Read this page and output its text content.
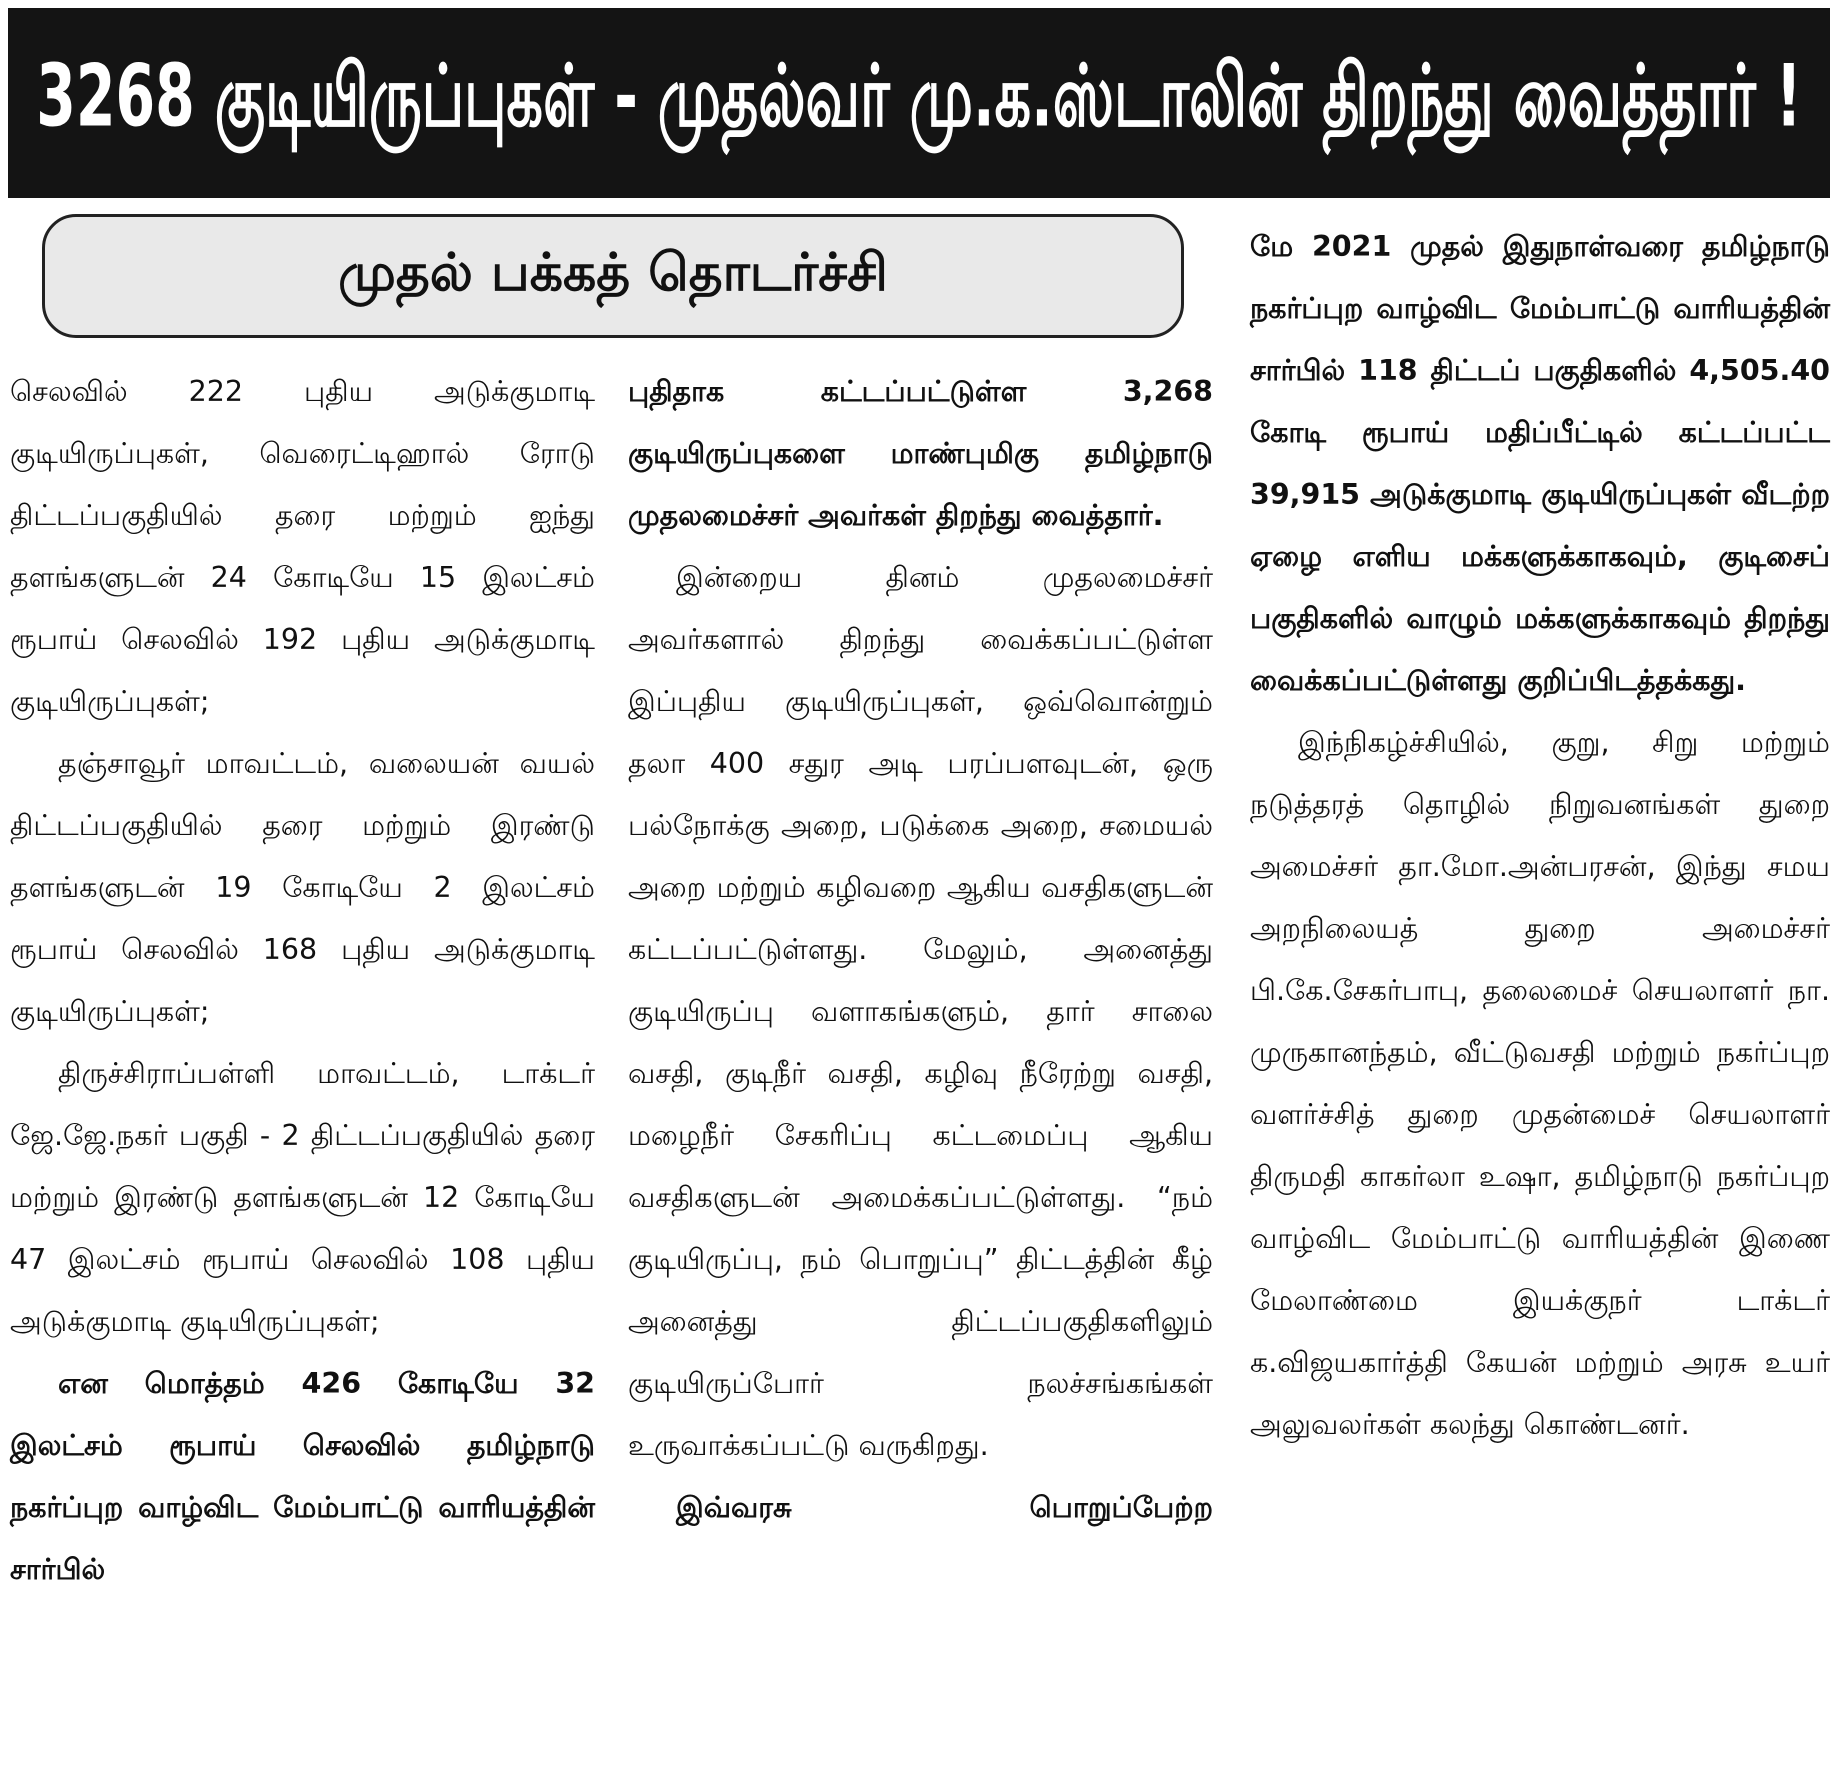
3268 குடியிருப்புகள் - முதல்வர் மு.க.ஸ்டாலின் திறந்து வைத்தார் !
முதல் பக்கத் தொடர்ச்சி

செலவில் 222 புதிய அடுக்குமாடி குடியிருப்புகள், வெரைட்டிஹால் ரோடு திட்டப்பகுதியில் தரை மற்றும் ஐந்து தளங்களுடன் 24 கோடியே 15 இலட்சம் ரூபாய் செலவில் 192 புதிய அடுக்குமாடி குடியிருப்புகள்;

தஞ்சாவூர் மாவட்டம், வலையன் வயல் திட்டப்பகுதியில் தரை மற்றும் இரண்டு தளங்களுடன் 19 கோடியே 2 இலட்சம் ரூபாய் செலவில் 168 புதிய அடுக்குமாடி குடியிருப்புகள்;

திருச்சிராப்பள்ளி மாவட்டம், டாக்டர் ஜே.ஜே.நகர் பகுதி - 2 திட்டப்பகுதியில் தரை மற்றும் இரண்டு தளங்களுடன் 12 கோடியே 47 இலட்சம் ரூபாய் செலவில் 108 புதிய அடுக்குமாடி குடியிருப்புகள்;

என மொத்தம் 426 கோடியே 32 இலட்சம் ரூபாய் செலவில் தமிழ்நாடு நகர்ப்புற வாழ்விட மேம்பாட்டு வாரியத்தின் சார்பில்

புதிதாக கட்டப்பட்டுள்ள 3,268 குடியிருப்புகளை மாண்புமிகு தமிழ்நாடு முதலமைச்சர் அவர்கள் திறந்து வைத்தார்.

இன்றைய தினம் முதலமைச்சர் அவர்களால் திறந்து வைக்கப்பட்டுள்ள இப்புதிய குடியிருப்புகள், ஒவ்வொன்றும் தலா 400 சதுர அடி பரப்பளவுடன், ஒரு பல்நோக்கு அறை, படுக்கை அறை, சமையல் அறை மற்றும் கழிவறை ஆகிய வசதிகளுடன் கட்டப்பட்டுள்ளது. மேலும், அனைத்து குடியிருப்பு வளாகங்களும், தார் சாலை வசதி, குடிநீர் வசதி, கழிவு நீரேற்று வசதி, மழைநீர் சேகரிப்பு கட்டமைப்பு ஆகிய வசதிகளுடன் அமைக்கப்பட்டுள்ளது. “நம் குடியிருப்பு, நம் பொறுப்பு” திட்டத்தின் கீழ் அனைத்து திட்டப்பகுதிகளிலும் குடியிருப்போர் நலச்சங்கங்கள் உருவாக்கப்பட்டு வருகிறது.

இவ்வரசு பொறுப்பேற்ற

மே 2021 முதல் இதுநாள்வரை தமிழ்நாடு நகர்ப்புற வாழ்விட மேம்பாட்டு வாரியத்தின் சார்பில் 118 திட்டப் பகுதிகளில் 4,505.40 கோடி ரூபாய் மதிப்பீட்டில் கட்டப்பட்ட 39,915 அடுக்குமாடி குடியிருப்புகள் வீடற்ற ஏழை எளிய மக்களுக்காகவும், குடிசைப் பகுதிகளில் வாழும் மக்களுக்காகவும் திறந்து வைக்கப்பட்டுள்ளது குறிப்பிடத்தக்கது.

இந்நிகழ்ச்சியில், குறு, சிறு மற்றும் நடுத்தரத் தொழில் நிறுவனங்கள் துறை அமைச்சர் தா.மோ.அன்பரசன், இந்து சமய அறநிலையத் துறை அமைச்சர் பி.கே.சேகர்பாபு, தலைமைச் செயலாளர் நா. முருகானந்தம், வீட்டுவசதி மற்றும் நகர்ப்புற வளர்ச்சித் துறை முதன்மைச் செயலாளர் திருமதி காகர்லா உஷா, தமிழ்நாடு நகர்ப்புற வாழ்விட மேம்பாட்டு வாரியத்தின் இணை மேலாண்மை இயக்குநர் டாக்டர் க.விஜயகார்த்தி கேயன் மற்றும் அரசு உயர் அலுவலர்கள் கலந்து கொண்டனர்.
